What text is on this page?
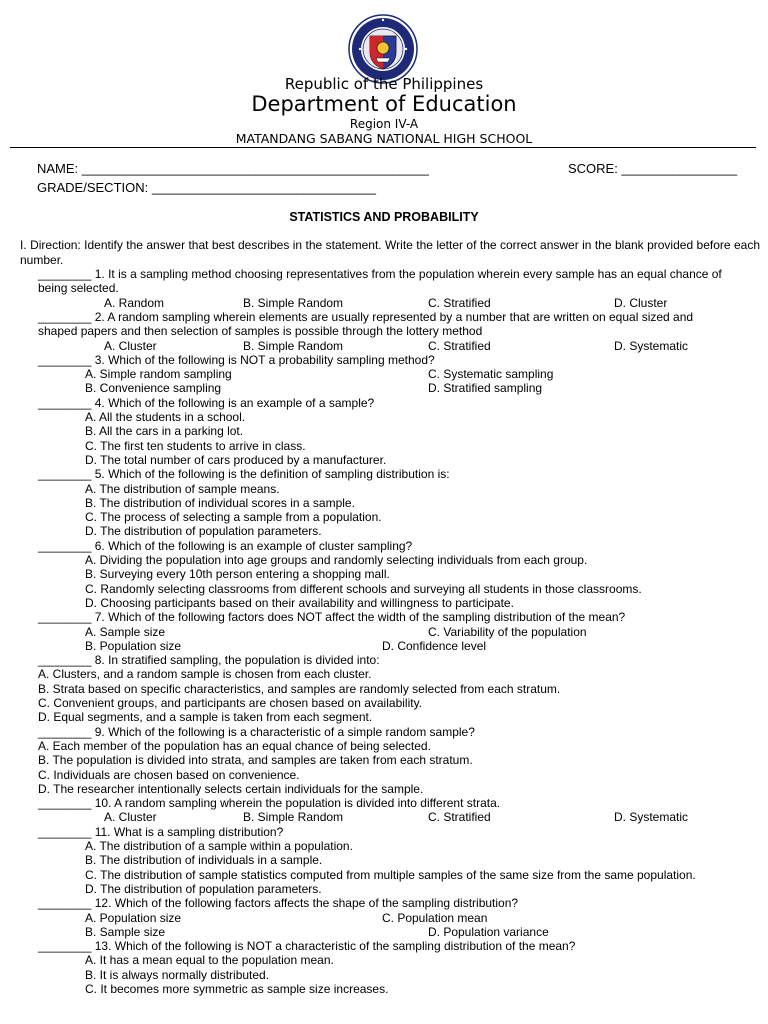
Republic of the Philippines
Department of Education
Region IV-A
MATANDANG SABANG NATIONAL HIGH SCHOOL
NAME: ________________________________________________	SCORE: ________________
GRADE/SECTION: _______________________________
STATISTICS AND PROBABILITY
I. Direction: Identify the answer that best describes in the statement. Write the letter of the correct answer in the blank provided before each number.
________ 1. It is a sampling method choosing representatives from the population wherein every sample has an equal chance of
being selected.
A. Random	B. Simple Random	C. Stratified	D. Cluster
________ 2. A random sampling wherein elements are usually represented by a number that are written on equal sized and
shaped papers and then selection of samples is possible through the lottery method
A. Cluster	B. Simple Random	C. Stratified	D. Systematic
________ 3. Which of the following is NOT a probability sampling method?
A. Simple random sampling	C. Systematic sampling
B. Convenience sampling	D. Stratified sampling
________ 4. Which of the following is an example of a sample?
A. All the students in a school.
B. All the cars in a parking lot.
C. The first ten students to arrive in class.
D. The total number of cars produced by a manufacturer.
________ 5. Which of the following is the definition of sampling distribution is:
A. The distribution of sample means.
B. The distribution of individual scores in a sample.
C. The process of selecting a sample from a population.
D. The distribution of population parameters.
________ 6. Which of the following is an example of cluster sampling?
A. Dividing the population into age groups and randomly selecting individuals from each group.
B. Surveying every 10th person entering a shopping mall.
C. Randomly selecting classrooms from different schools and surveying all students in those classrooms.
D. Choosing participants based on their availability and willingness to participate.
________ 7. Which of the following factors does NOT affect the width of the sampling distribution of the mean?
A. Sample size	C. Variability of the population
B. Population size	D. Confidence level
________ 8. In stratified sampling, the population is divided into:
A. Clusters, and a random sample is chosen from each cluster.
B. Strata based on specific characteristics, and samples are randomly selected from each stratum.
C. Convenient groups, and participants are chosen based on availability.
D. Equal segments, and a sample is taken from each segment.
________ 9. Which of the following is a characteristic of a simple random sample?
A. Each member of the population has an equal chance of being selected.
B. The population is divided into strata, and samples are taken from each stratum.
C. Individuals are chosen based on convenience.
D. The researcher intentionally selects certain individuals for the sample.
________ 10. A random sampling wherein the population is divided into different strata.
A. Cluster	B. Simple Random	C. Stratified	D. Systematic
________ 11. What is a sampling distribution?
A. The distribution of a sample within a population.
B. The distribution of individuals in a sample.
C. The distribution of sample statistics computed from multiple samples of the same size from the same population.
D. The distribution of population parameters.
________ 12. Which of the following factors affects the shape of the sampling distribution?
A. Population size	C. Population mean
B. Sample size	D. Population variance
________ 13. Which of the following is NOT a characteristic of the sampling distribution of the mean?
A. It has a mean equal to the population mean.
B. It is always normally distributed.
C. It becomes more symmetric as sample size increases.
